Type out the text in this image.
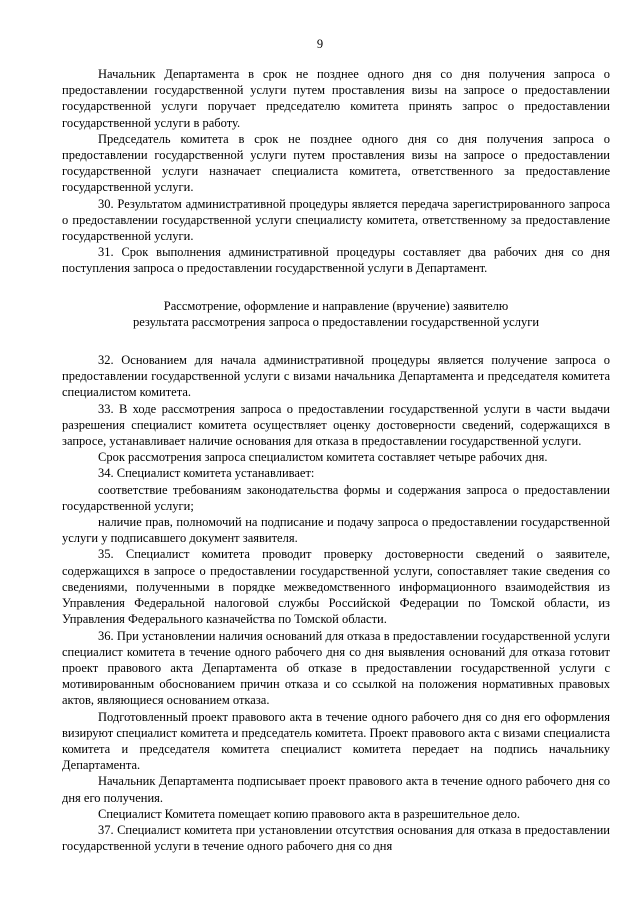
9

Начальник Департамента в срок не позднее одного дня со дня получения запроса о предоставлении государственной услуги путем проставления визы на запросе о предоставлении государственной услуги поручает председателю комитета принять запрос о предоставлении государственной услуги в работу.

Председатель комитета в срок не позднее одного дня со дня получения запроса о предоставлении государственной услуги путем проставления визы на запросе о предоставлении государственной услуги назначает специалиста комитета, ответственного за предоставление государственной услуги.

30. Результатом административной процедуры является передача зарегистрированного запроса о предоставлении государственной услуги специалисту комитета, ответственному за предоставление государственной услуги.

31. Срок выполнения административной процедуры составляет два рабочих дня со дня поступления запроса о предоставлении государственной услуги в Департамент.

Рассмотрение, оформление и направление (вручение) заявителю
результата рассмотрения запроса о предоставлении государственной услуги

32. Основанием для начала административной процедуры является получение запроса о предоставлении государственной услуги с визами начальника Департамента и председателя комитета специалистом комитета.

33. В ходе рассмотрения запроса о предоставлении государственной услуги в части выдачи разрешения специалист комитета осуществляет оценку достоверности сведений, содержащихся в запросе, устанавливает наличие основания для отказа в предоставлении государственной услуги.

Срок рассмотрения запроса специалистом комитета составляет четыре рабочих дня.

34. Специалист комитета устанавливает:

соответствие требованиям законодательства формы и содержания запроса о предоставлении государственной услуги;

наличие прав, полномочий на подписание и подачу запроса о предоставлении государственной услуги у подписавшего документ заявителя.

35. Специалист комитета проводит проверку достоверности сведений о заявителе, содержащихся в запросе о предоставлении государственной услуги, сопоставляет такие сведения со сведениями, полученными в порядке межведомственного информационного взаимодействия из Управления Федеральной налоговой службы Российской Федерации по Томской области, из Управления Федерального казначейства по Томской области.

36. При установлении наличия оснований для отказа в предоставлении государственной услуги специалист комитета в течение одного рабочего дня со дня выявления оснований для отказа готовит проект правового акта Департамента об отказе в предоставлении государственной услуги с мотивированным обоснованием причин отказа и со ссылкой на положения нормативных правовых актов, являющиеся основанием отказа.

Подготовленный проект правового акта в течение одного рабочего дня со дня его оформления визируют специалист комитета и председатель комитета. Проект правового акта с визами специалиста комитета и председателя комитета специалист комитета передает на подпись начальнику Департамента.

Начальник Департамента подписывает проект правового акта в течение одного рабочего дня со дня его получения.

Специалист Комитета помещает копию правового акта в разрешительное дело.

37. Специалист комитета при установлении отсутствия основания для отказа в предоставлении государственной услуги в течение одного рабочего дня со дня
